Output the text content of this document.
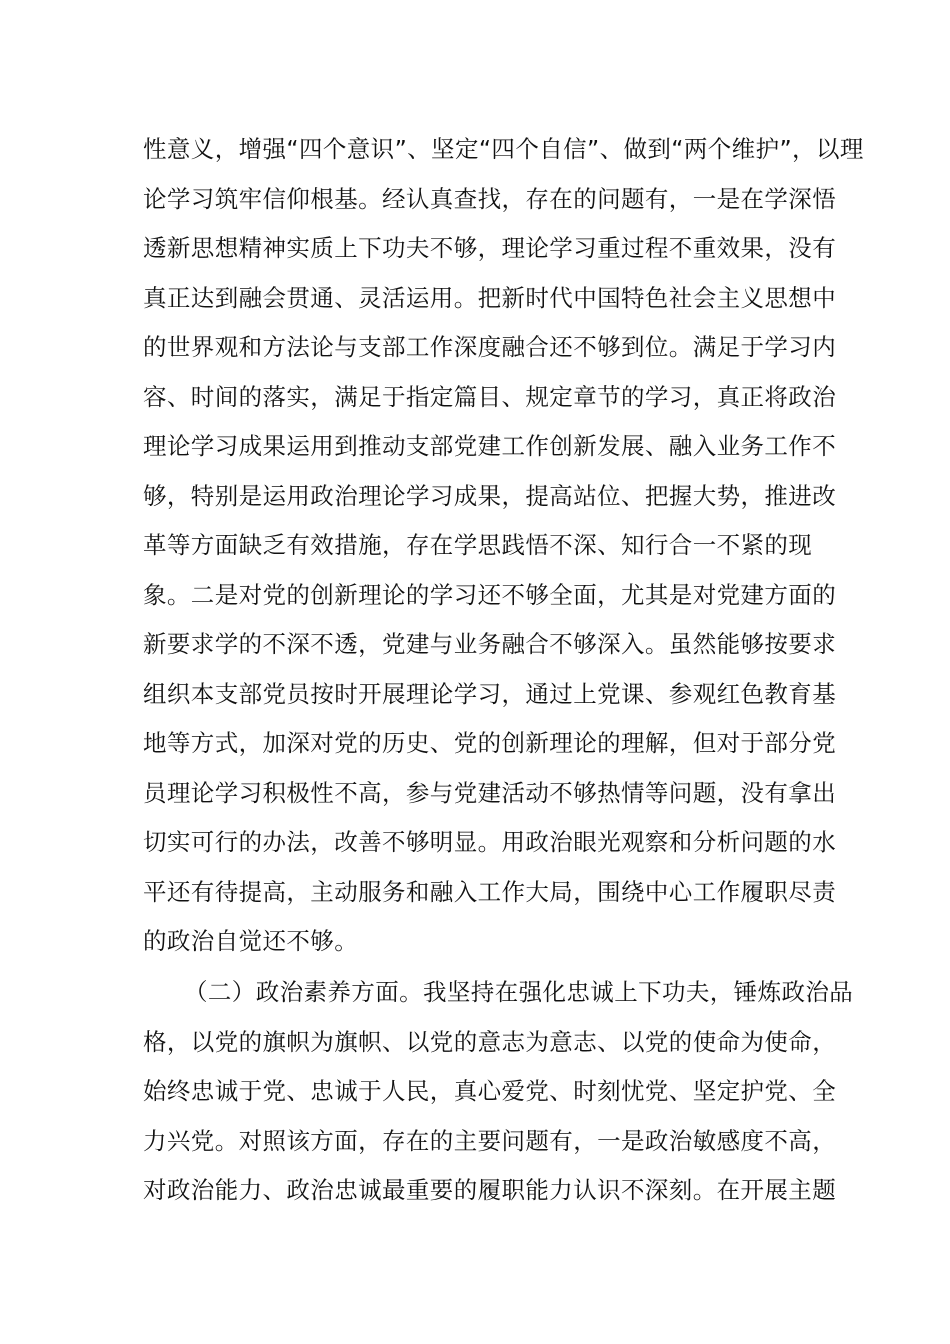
性意义，增强“四个意识”、坚定“四个自信”、做到“两个维护”，以理
论学习筑牢信仰根基。经认真查找，存在的问题有，一是在学深悟
透新思想精神实质上下功夫不够，理论学习重过程不重效果，没有
真正达到融会贯通、灵活运用。把新时代中国特色社会主义思想中
的世界观和方法论与支部工作深度融合还不够到位。满足于学习内
容、时间的落实，满足于指定篇目、规定章节的学习，真正将政治
理论学习成果运用到推动支部党建工作创新发展、融入业务工作不
够，特别是运用政治理论学习成果，提高站位、把握大势，推进改
革等方面缺乏有效措施，存在学思践悟不深、知行合一不紧的现
象。二是对党的创新理论的学习还不够全面，尤其是对党建方面的
新要求学的不深不透，党建与业务融合不够深入。虽然能够按要求
组织本支部党员按时开展理论学习，通过上党课、参观红色教育基
地等方式，加深对党的历史、党的创新理论的理解，但对于部分党
员理论学习积极性不高，参与党建活动不够热情等问题，没有拿出
切实可行的办法，改善不够明显。用政治眼光观察和分析问题的水
平还有待提高，主动服务和融入工作大局，围绕中心工作履职尽责
的政治自觉还不够。
（二）政治素养方面。我坚持在强化忠诚上下功夫，锤炼政治品
格，以党的旗帜为旗帜、以党的意志为意志、以党的使命为使命，
始终忠诚于党、忠诚于人民，真心爱党、时刻忧党、坚定护党、全
力兴党。对照该方面，存在的主要问题有，一是政治敏感度不高，
对政治能力、政治忠诚最重要的履职能力认识不深刻。在开展主题
